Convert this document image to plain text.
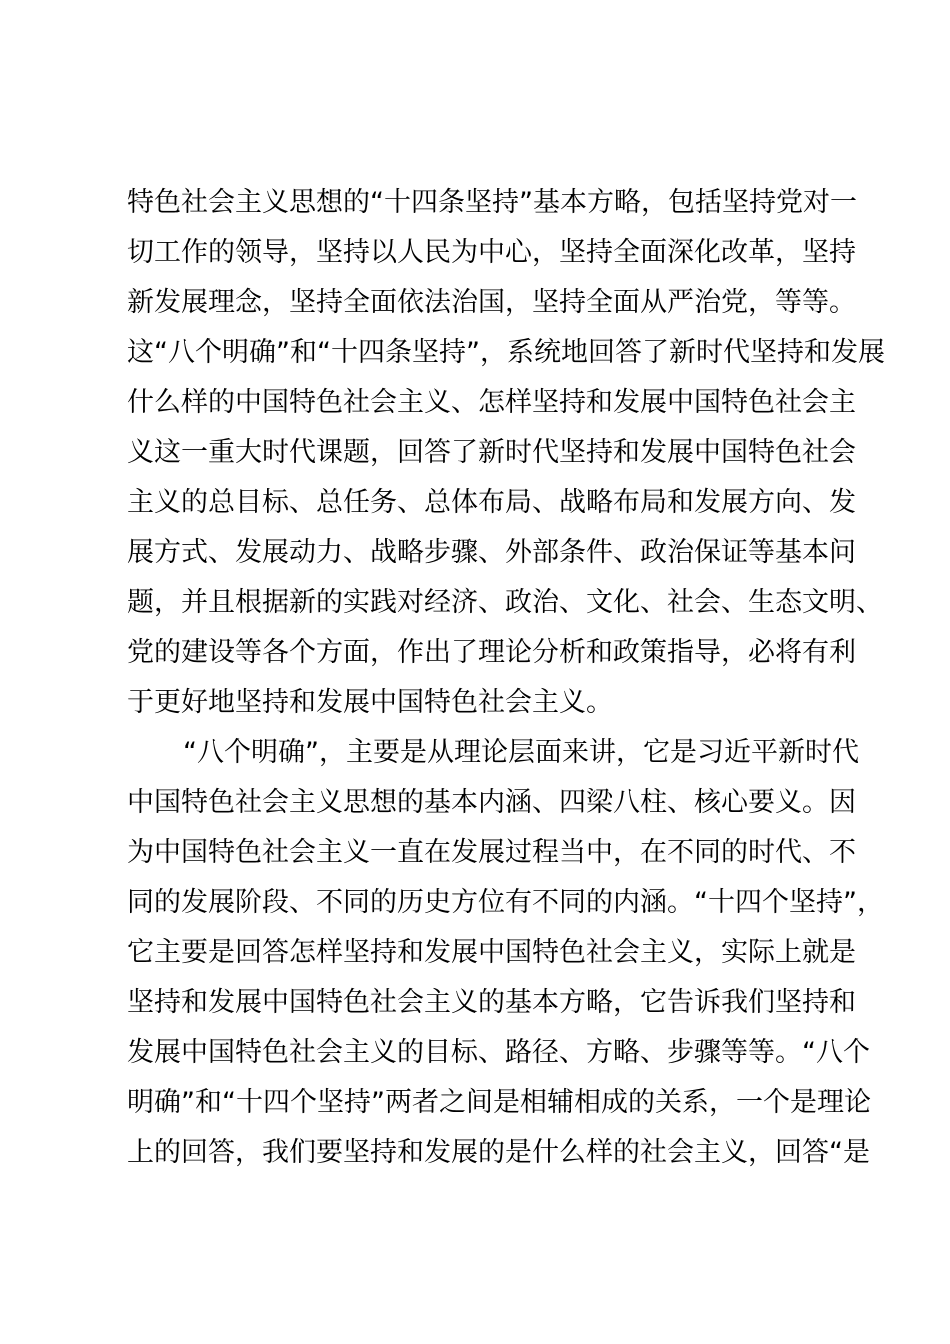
特色社会主义思想的“十四条坚持”基本方略，包括坚持党对一
切工作的领导，坚持以人民为中心，坚持全面深化改革，坚持
新发展理念，坚持全面依法治国，坚持全面从严治党，等等。
这“八个明确”和“十四条坚持”，系统地回答了新时代坚持和发展
什么样的中国特色社会主义、怎样坚持和发展中国特色社会主
义这一重大时代课题，回答了新时代坚持和发展中国特色社会
主义的总目标、总任务、总体布局、战略布局和发展方向、发
展方式、发展动力、战略步骤、外部条件、政治保证等基本问
题，并且根据新的实践对经济、政治、文化、社会、生态文明、
党的建设等各个方面，作出了理论分析和政策指导，必将有利
于更好地坚持和发展中国特色社会主义。
“八个明确”，主要是从理论层面来讲，它是习近平新时代
中国特色社会主义思想的基本内涵、四梁八柱、核心要义。因
为中国特色社会主义一直在发展过程当中，在不同的时代、不
同的发展阶段、不同的历史方位有不同的内涵。“十四个坚持”，
它主要是回答怎样坚持和发展中国特色社会主义，实际上就是
坚持和发展中国特色社会主义的基本方略，它告诉我们坚持和
发展中国特色社会主义的目标、路径、方略、步骤等等。“八个
明确”和“十四个坚持”两者之间是相辅相成的关系，一个是理论
上的回答，我们要坚持和发展的是什么样的社会主义，回答“是
